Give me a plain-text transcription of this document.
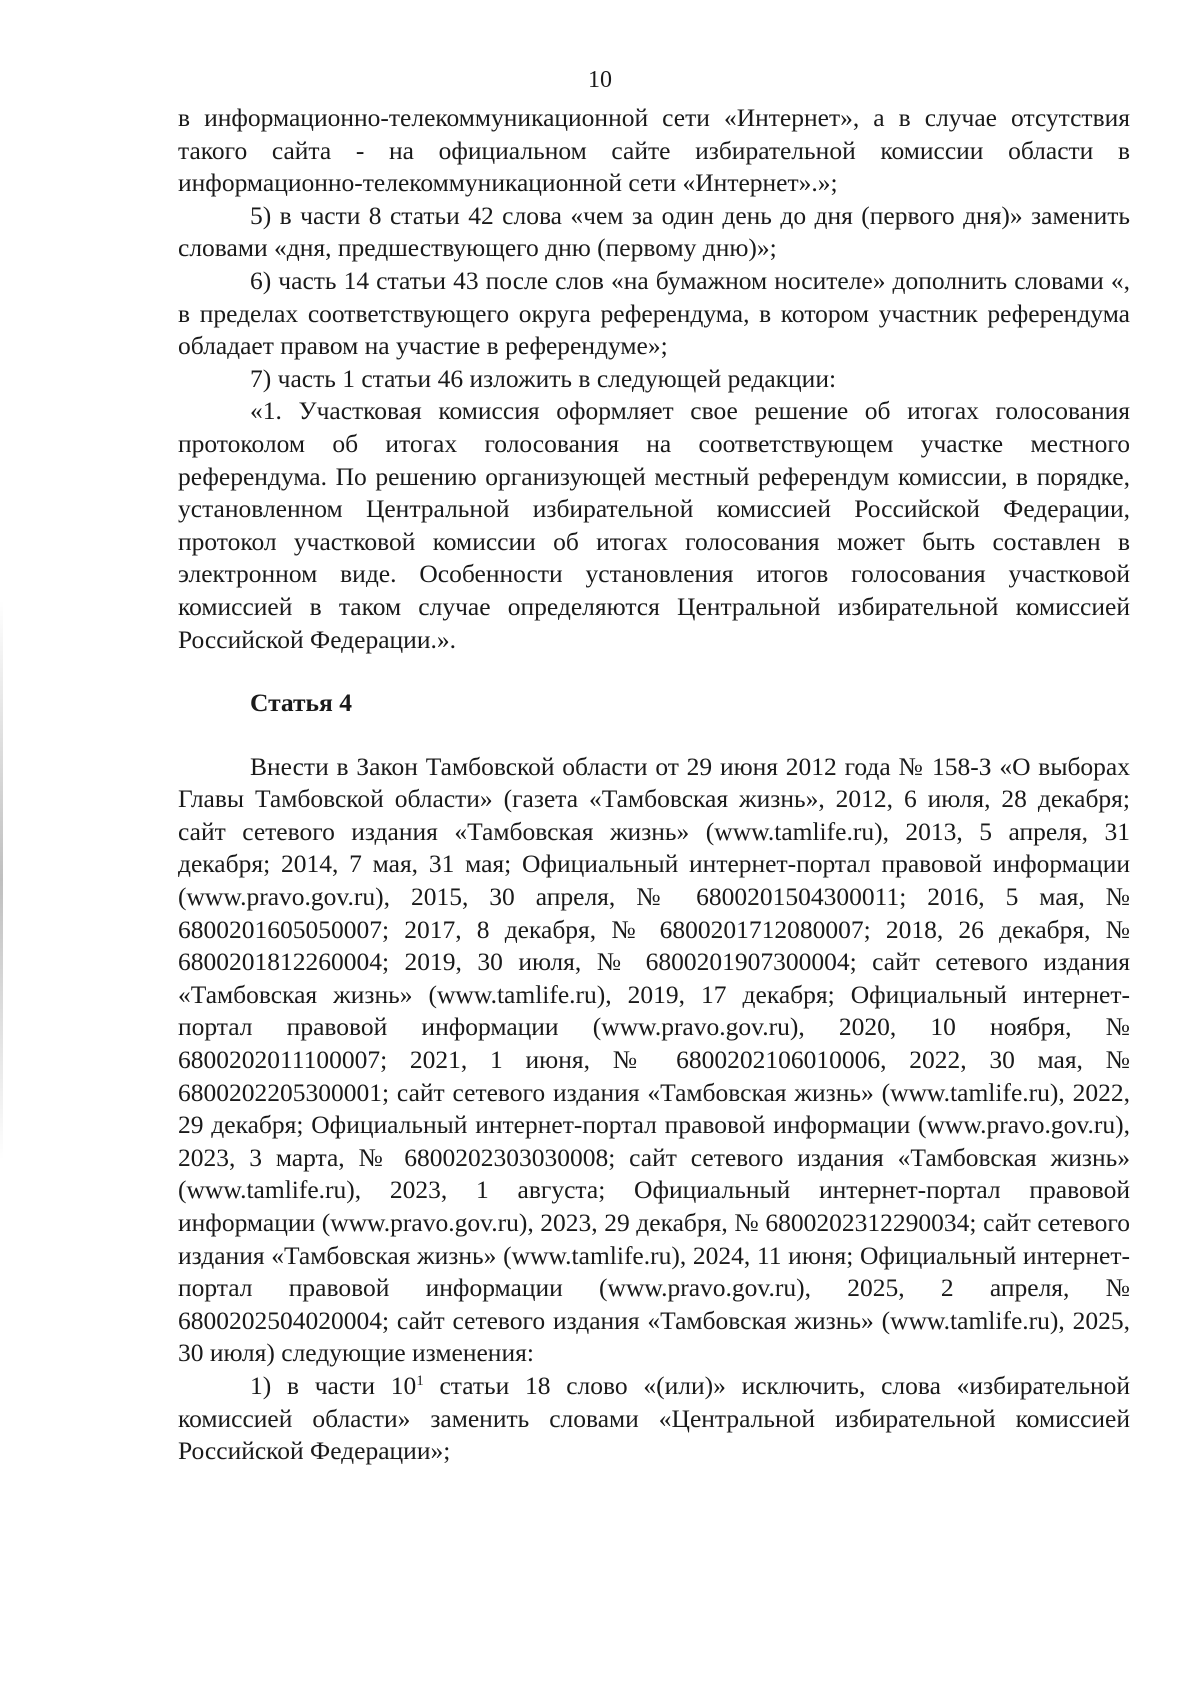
10

в информационно-телекоммуникационной сети «Интернет», а в случае отсутствия такого сайта - на официальном сайте избирательной комиссии области в информационно-телекоммуникационной сети «Интернет».»;

5) в части 8 статьи 42 слова «чем за один день до дня (первого дня)» заменить словами «дня, предшествующего дню (первому дню)»;

6) часть 14 статьи 43 после слов «на бумажном носителе» дополнить словами «, в пределах соответствующего округа референдума, в котором участник референдума обладает правом на участие в референдуме»;

7) часть 1 статьи 46 изложить в следующей редакции:

«1. Участковая комиссия оформляет свое решение об итогах голосования протоколом об итогах голосования на соответствующем участке местного референдума. По решению организующей местный референдум комиссии, в порядке, установленном Центральной избирательной комиссией Российской Федерации, протокол участковой комиссии об итогах голосования может быть составлен в электронном виде. Особенности установления итогов голосования участковой комиссией в таком случае определяются Центральной избирательной комиссией Российской Федерации.».

Статья 4

Внести в Закон Тамбовской области от 29 июня 2012 года № 158-З «О выборах Главы Тамбовской области» (газета «Тамбовская жизнь», 2012, 6 июля, 28 декабря; сайт сетевого издания «Тамбовская жизнь» (www.tamlife.ru), 2013, 5 апреля, 31 декабря; 2014, 7 мая, 31 мая; Официальный интернет-портал правовой информации (www.pravo.gov.ru), 2015, 30 апреля, № 6800201504300011; 2016, 5 мая, № 6800201605050007; 2017, 8 декабря, № 6800201712080007; 2018, 26 декабря, № 6800201812260004; 2019, 30 июля, № 6800201907300004; сайт сетевого издания «Тамбовская жизнь» (www.tamlife.ru), 2019, 17 декабря; Официальный интернет-портал правовой информации (www.pravo.gov.ru), 2020, 10 ноября, № 6800202011100007; 2021, 1 июня, № 6800202106010006, 2022, 30 мая, № 6800202205300001; сайт сетевого издания «Тамбовская жизнь» (www.tamlife.ru), 2022, 29 декабря; Официальный интернет-портал правовой информации (www.pravo.gov.ru), 2023, 3 марта, № 6800202303030008; сайт сетевого издания «Тамбовская жизнь» (www.tamlife.ru), 2023, 1 августа; Официальный интернет-портал правовой информации (www.pravo.gov.ru), 2023, 29 декабря, № 6800202312290034; сайт сетевого издания «Тамбовская жизнь» (www.tamlife.ru), 2024, 11 июня; Официальный интернет-портал правовой информации (www.pravo.gov.ru), 2025, 2 апреля, № 6800202504020004; сайт сетевого издания «Тамбовская жизнь» (www.tamlife.ru), 2025, 30 июля) следующие изменения:

1) в части $10^1$ статьи 18 слово «(или)» исключить, слова «избирательной комиссией области» заменить словами «Центральной избирательной комиссией Российской Федерации»;
